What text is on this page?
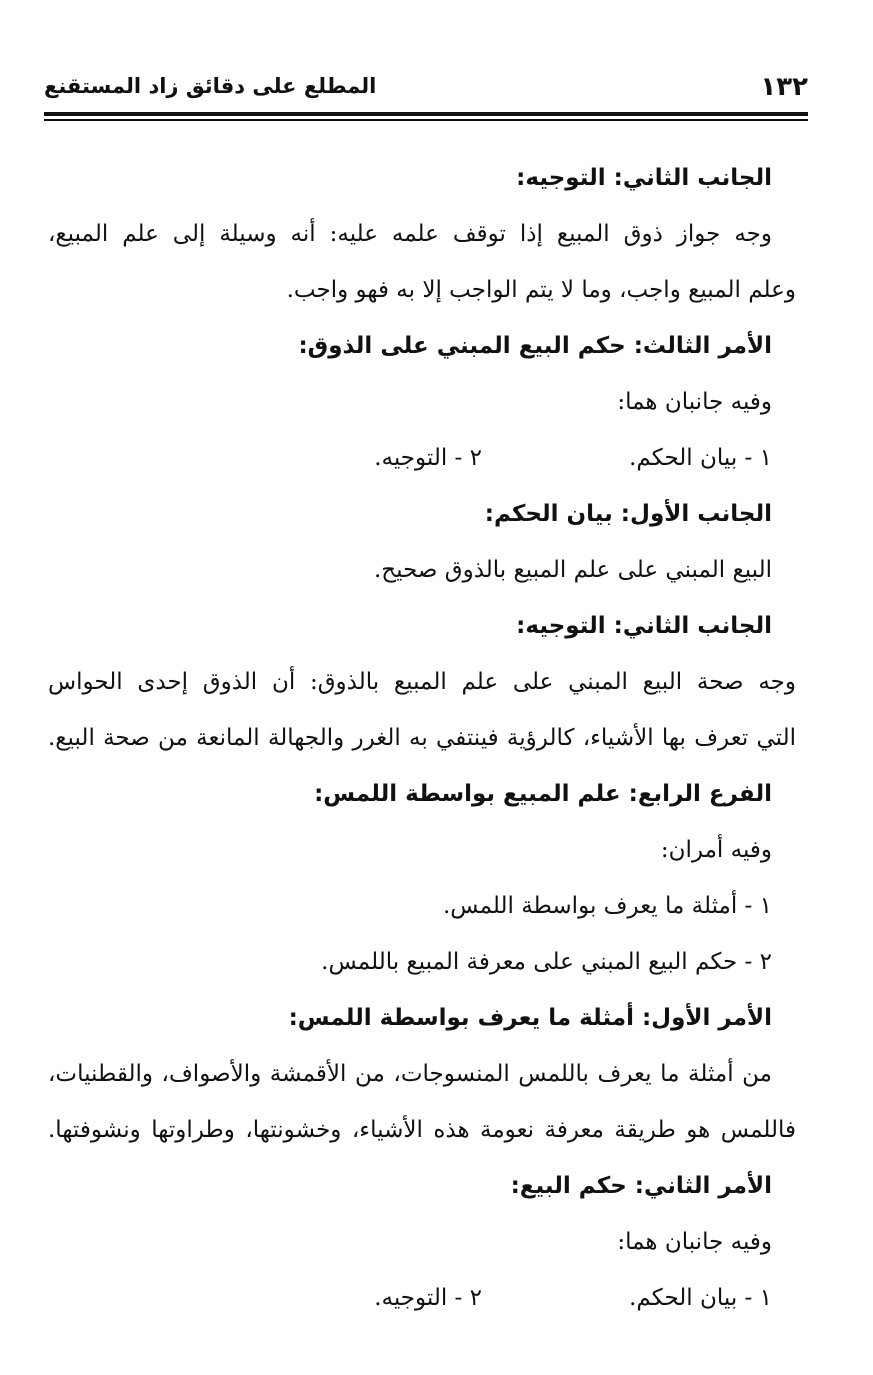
١٣٢
المطلع على دقائق زاد المستقنع
الجانب الثاني: التوجيه:
وجه جواز ذوق المبيع إذا توقف علمه عليه: أنه وسيلة إلى علم المبيع،
وعلم المبيع واجب، وما لا يتم الواجب إلا به فهو واجب.
الأمر الثالث: حكم البيع المبني على الذوق:
وفيه جانبان هما:
١ - بيان الحكم.
٢ - التوجيه.
الجانب الأول: بيان الحكم:
البيع المبني على علم المبيع بالذوق صحيح.
الجانب الثاني: التوجيه:
وجه صحة البيع المبني على علم المبيع بالذوق: أن الذوق إحدى الحواس
التي تعرف بها الأشياء، كالرؤية فينتفي به الغرر والجهالة المانعة من صحة البيع.
الفرع الرابع: علم المبيع بواسطة اللمس:
وفيه أمران:
١ - أمثلة ما يعرف بواسطة اللمس.
٢ - حكم البيع المبني على معرفة المبيع باللمس.
الأمر الأول: أمثلة ما يعرف بواسطة اللمس:
من أمثلة ما يعرف باللمس المنسوجات، من الأقمشة والأصواف، والقطنيات،
فاللمس هو طريقة معرفة نعومة هذه الأشياء، وخشونتها، وطراوتها ونشوفتها.
الأمر الثاني: حكم البيع:
وفيه جانبان هما:
١ - بيان الحكم.
٢ - التوجيه.
